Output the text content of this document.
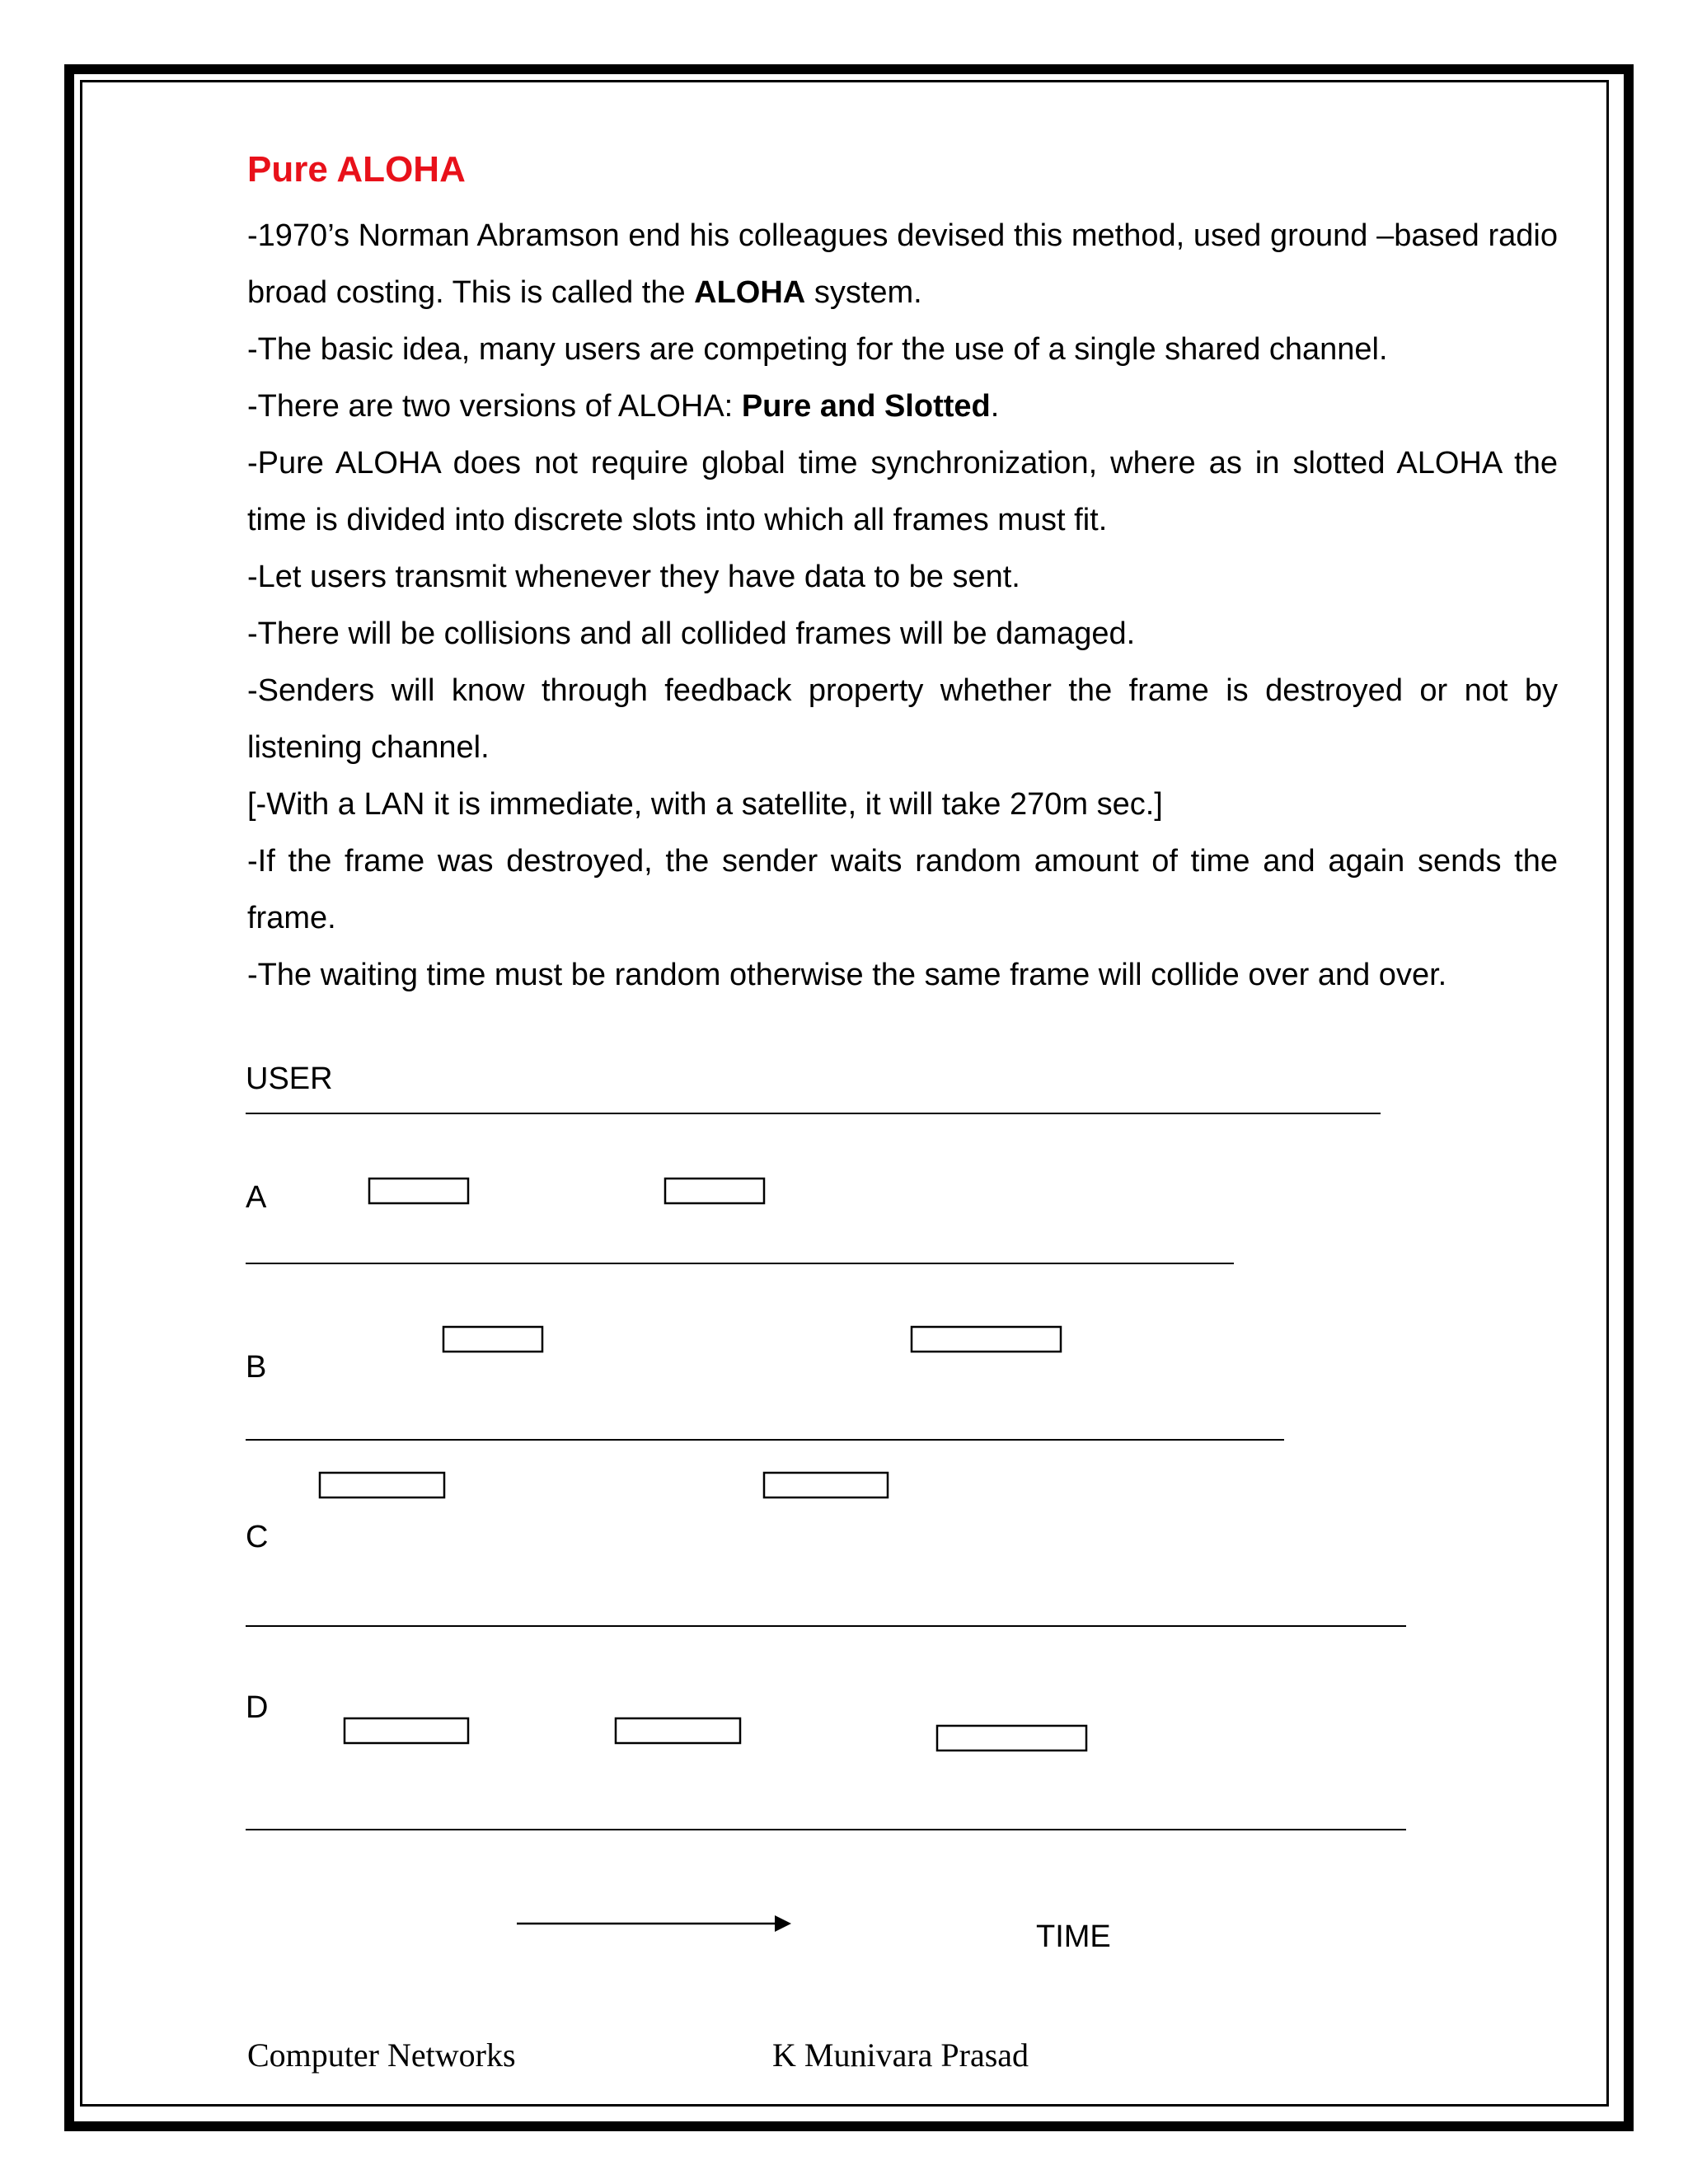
Pure ALOHA

-1970’s Norman Abramson end his colleagues devised this method, used ground –based radio broad costing. This is called the ALOHA system.

-The basic idea, many users are competing for the use of a single shared channel.

-There are two versions of ALOHA: Pure and Slotted.

-Pure ALOHA does not require global time synchronization, where as in slotted ALOHA the time is divided into discrete slots into which all frames must fit.

-Let users transmit whenever they have data to be sent.

-There will be collisions and all collided frames will be damaged.

-Senders will know through feedback property whether the frame is destroyed or not by listening channel.

[-With a LAN it is immediate, with a satellite, it will take 270m sec.]

-If the frame was destroyed, the sender waits random amount of time and again sends the frame.

-The waiting time must be random otherwise the same frame will collide over and over.

USER
A
B
C
D
TIME
Computer Networks	K Munivara Prasad
